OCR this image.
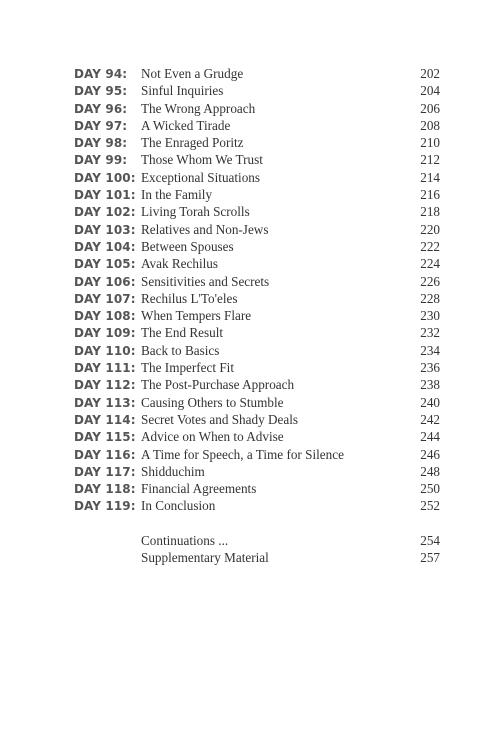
DAY 94:	Not Even a Grudge	202
DAY 95:	Sinful Inquiries	204
DAY 96:	The Wrong Approach	206
DAY 97:	A Wicked Tirade	208
DAY 98:	The Enraged Poritz	210
DAY 99:	Those Whom We Trust	212
DAY 100: Exceptional Situations	214
DAY 101: In the Family	216
DAY 102: Living Torah Scrolls	218
DAY 103: Relatives and Non-Jews	220
DAY 104: Between Spouses	222
DAY 105: Avak Rechilus	224
DAY 106: Sensitivities and Secrets	226
DAY 107: Rechilus L'To'eles	228
DAY 108: When Tempers Flare	230
DAY 109: The End Result	232
DAY 110: Back to Basics	234
DAY 111: The Imperfect Fit	236
DAY 112: The Post-Purchase Approach	238
DAY 113: Causing Others to Stumble	240
DAY 114: Secret Votes and Shady Deals	242
DAY 115: Advice on When to Advise	244
DAY 116: A Time for Speech, a Time for Silence	246
DAY 117: Shidduchim	248
DAY 118: Financial Agreements	250
DAY 119: In Conclusion	252
Continuations ...	254
Supplementary Material	257
